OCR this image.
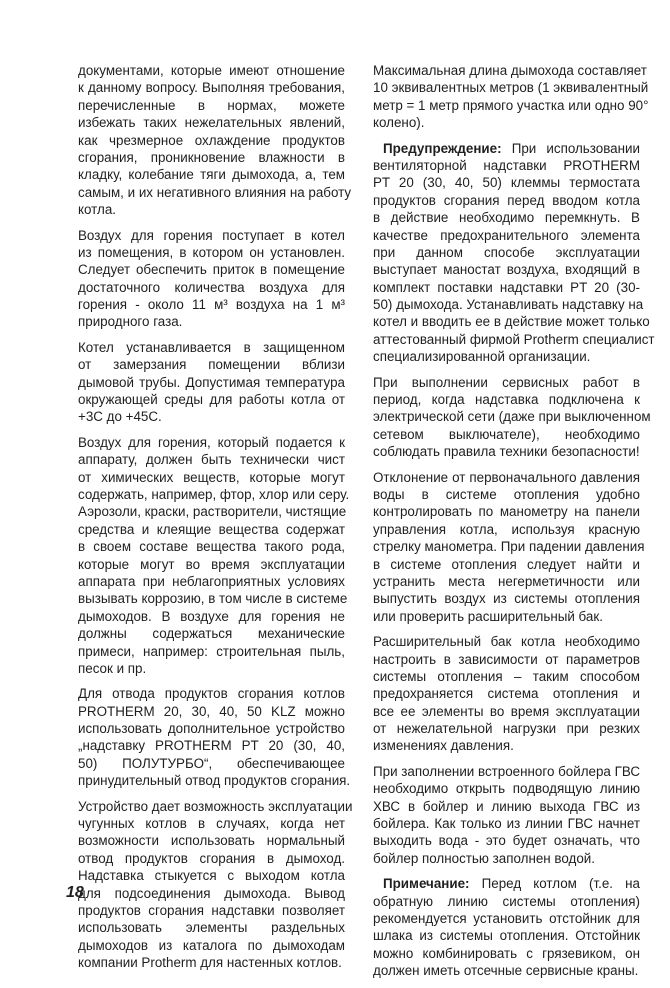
документами, которые имеют отношение
к данному вопросу. Выполняя требования,
перечисленные в нормах, можете
избежать таких нежелательных явлений,
как чрезмерное охлаждение продуктов
сгорания, проникновение влажности в
кладку, колебание тяги дымохода, а, тем
самым, и их негативного влияния на работу
котла.
Воздух для горения поступает в котел
из помещения, в котором он установлен.
Следует обеспечить приток в помещение
достаточного количества воздуха для
горения - около 11 м³ воздуха на 1 м³
природного газа.
Котел устанавливается в защищенном
от замерзания помещении вблизи
дымовой трубы. Допустимая температура
окружающей среды для работы котла от
+3С до +45С.
Воздух для горения, который подается к
аппарату, должен быть технически чист
от химических веществ, которые могут
содержать, например, фтор, хлор или серу.
Аэрозоли, краски, растворители, чистящие
средства и клеящие вещества содержат
в своем составе вещества такого рода,
которые могут во время эксплуатации
аппарата при неблагоприятных условиях
вызывать коррозию, в том числе в системе
дымоходов. В воздухе для горения не
должны содержаться механические
примеси, например: строительная пыль,
песок и пр.
Для отвода продуктов сгорания котлов
PROTHERM 20, 30, 40, 50 KLZ можно
использовать дополнительное устройство
„надставку PROTHERM PT 20 (30, 40,
50) ПОЛУТУРБО“, обеспечивающее
принудительный отвод продуктов сгорания.
Устройство дает возможность эксплуатации
чугунных котлов в случаях, когда нет
возможности использовать нормальный
отвод продуктов сгорания в дымоход.
Надставка стыкуется с выходом котла
для подсоединения дымохода. Вывод
продуктов сгорания надставки позволяет
использовать элементы раздельных
дымоходов из каталога по дымоходам
компании Protherm для настенных котлов.
Максимальная длина дымохода составляет
10 эквивалентных метров (1 эквивалентный
метр = 1 метр прямого участка или одно 90°
колено).
Предупреждение: При использовании
вентиляторной надставки PROTHERM
PT 20 (30, 40, 50) клеммы термостата
продуктов сгорания перед вводом котла
в действие необходимо перемкнуть. В
качестве предохранительного элемента
при данном способе эксплуатации
выступает маностат воздуха, входящий в
комплект поставки надставки PT 20 (30-
50) дымохода. Устанавливать надставку на
котел и вводить ее в действие может только
аттестованный фирмой Protherm специалист
специализированной организации.
При выполнении сервисных работ в
период, когда надставка подключена к
электрической сети (даже при выключенном
сетевом выключателе), необходимо
соблюдать правила техники безопасности!
Отклонение от первоначального давления
воды в системе отопления удобно
контролировать по манометру на панели
управления котла, используя красную
стрелку манометра. При падении давления
в системе отопления следует найти и
устранить места негерметичности или
выпустить воздух из системы отопления
или проверить расширительный бак.
Расширительный бак котла необходимо
настроить в зависимости от параметров
системы отопления – таким способом
предохраняется система отопления и
все ее элементы во время эксплуатации
от нежелательной нагрузки при резких
изменениях давления.
При заполнении встроенного бойлера ГВС
необходимо открыть подводящую линию
ХВС в бойлер и линию выхода ГВС из
бойлера. Как только из линии ГВС начнет
выходить вода - это будет означать, что
бойлер полностью заполнен водой.
Примечание: Перед котлом (т.е. на
обратную линию системы отопления)
рекомендуется установить отстойник для
шлака из системы отопления. Отстойник
можно комбинировать с грязевиком, он
должен иметь отсечные сервисные краны.
18
